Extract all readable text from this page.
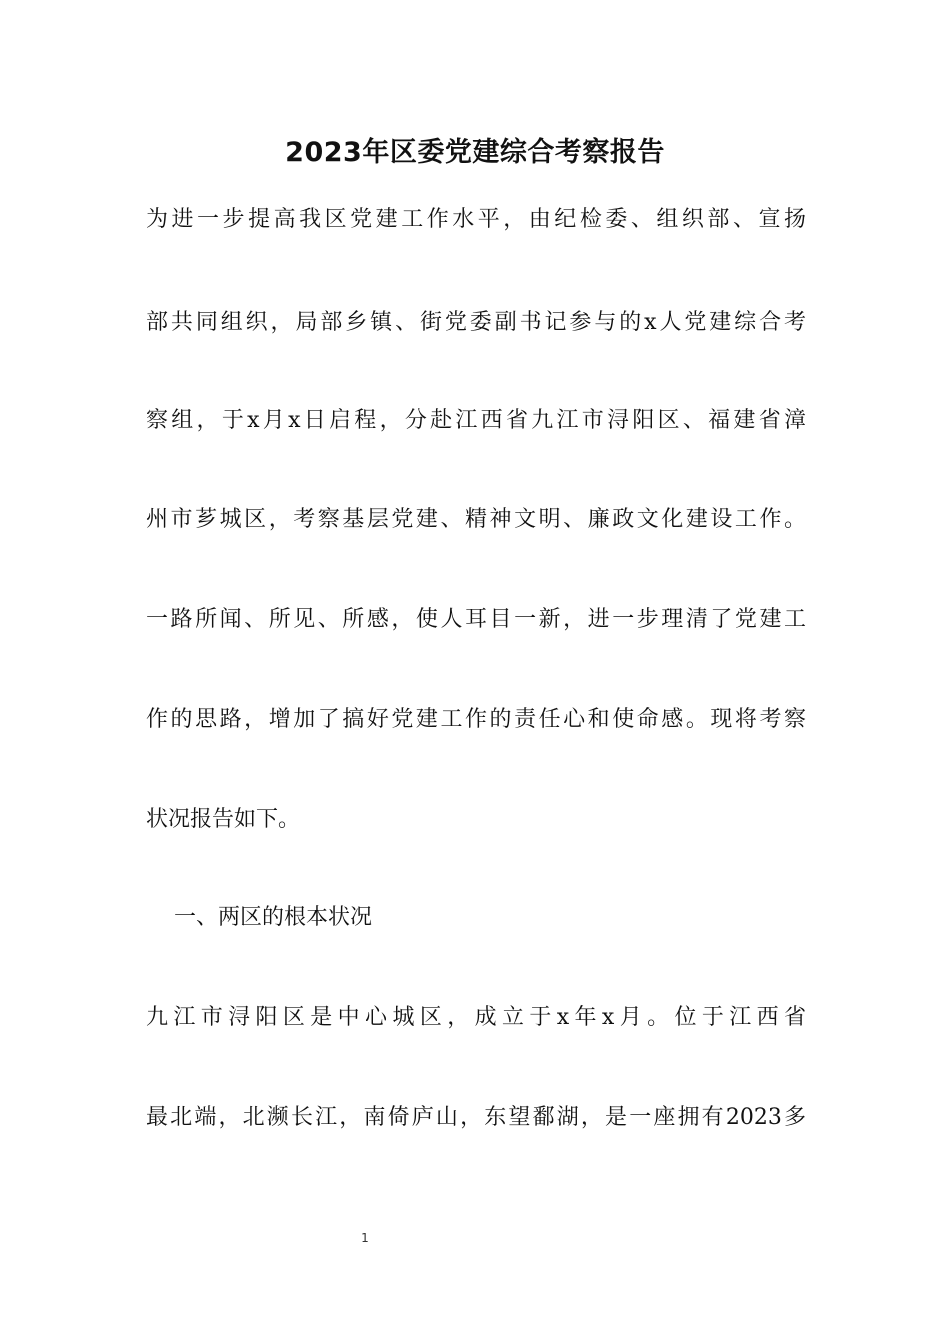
2023年区委党建综合考察报告

为进一步提高我区党建工作水平，由纪检委、组织部、宣扬

部共同组织，局部乡镇、街党委副书记参与的x人党建综合考

察组，于x月x日启程，分赴江西省九江市浔阳区、福建省漳

州市芗城区，考察基层党建、精神文明、廉政文化建设工作。

一路所闻、所见、所感，使人耳目一新，进一步理清了党建工

作的思路，增加了搞好党建工作的责任心和使命感。现将考察

状况报告如下。

一、两区的根本状况

九江市浔阳区是中心城区，成立于x年x月。位于江西省

最北端，北濒长江，南倚庐山，东望鄱湖，是一座拥有2023多

1
